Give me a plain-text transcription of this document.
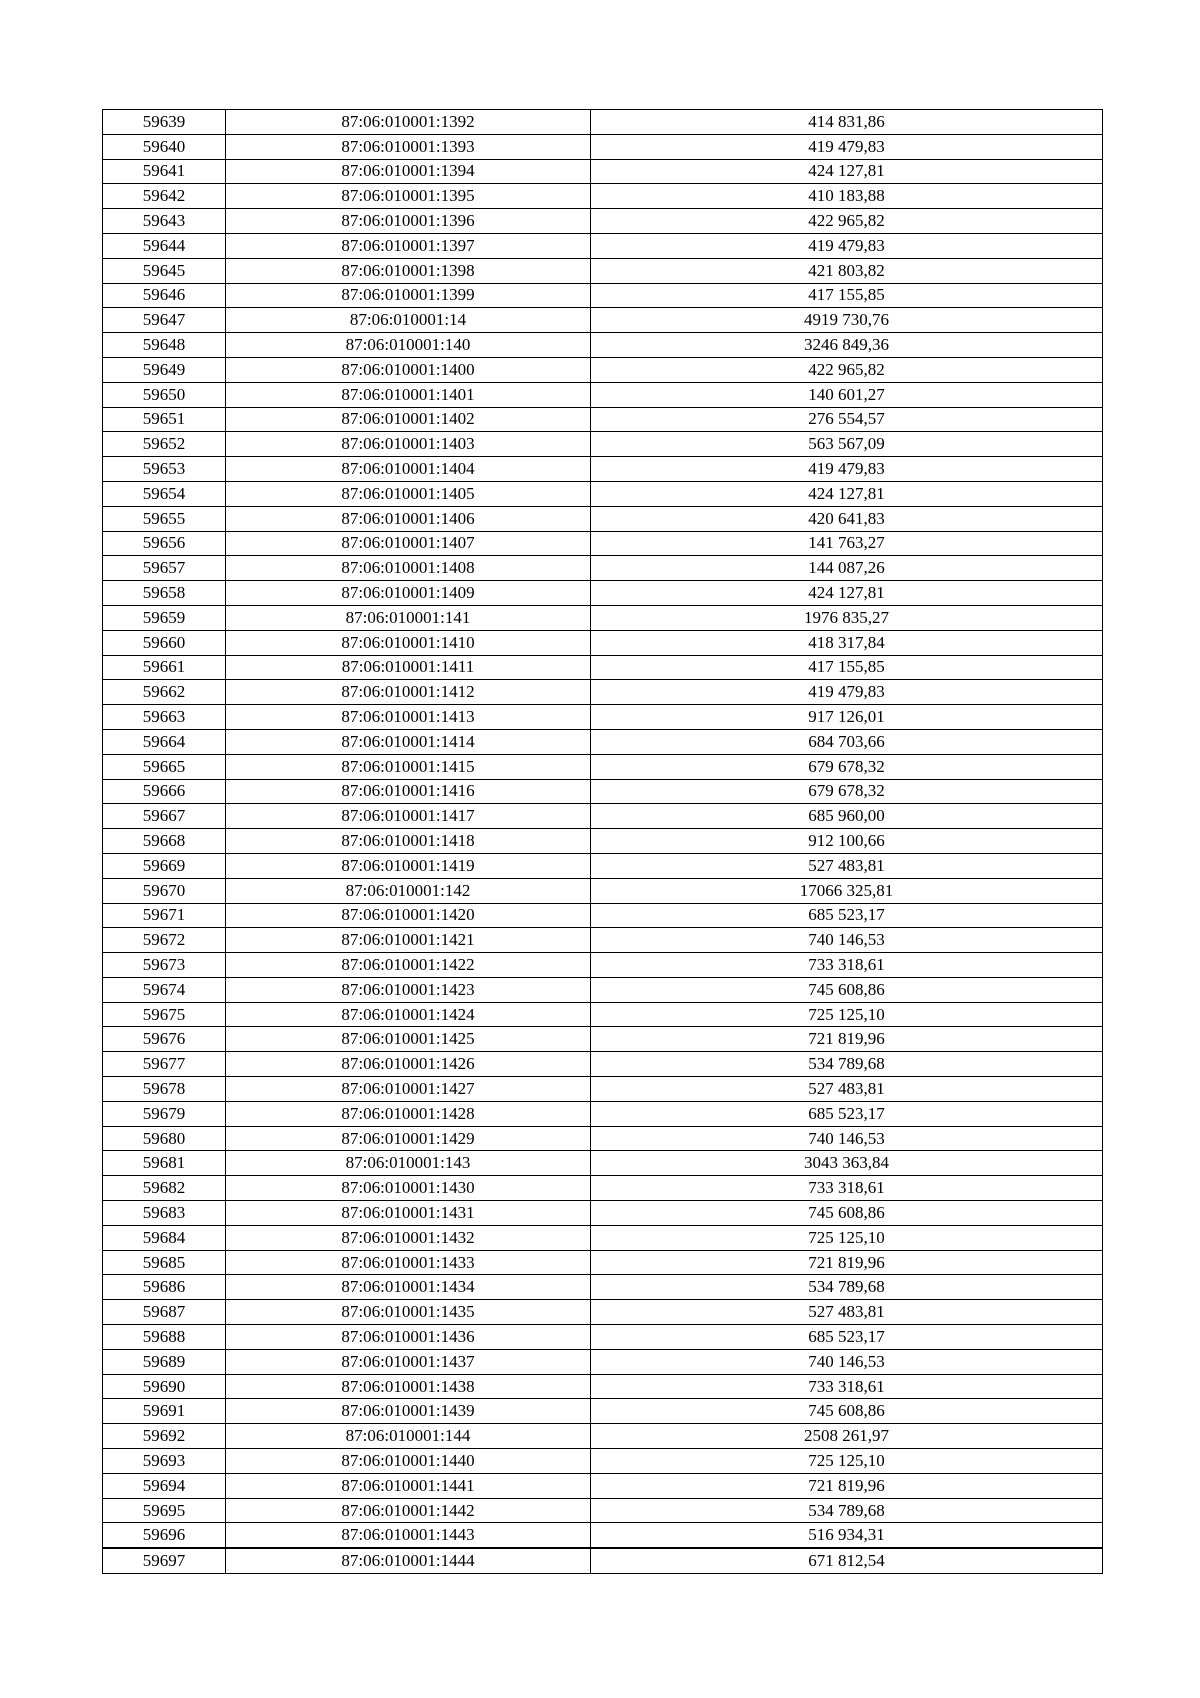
59639	87:06:010001:1392	414 831,86
59640	87:06:010001:1393	419 479,83
59641	87:06:010001:1394	424 127,81
59642	87:06:010001:1395	410 183,88
59643	87:06:010001:1396	422 965,82
59644	87:06:010001:1397	419 479,83
59645	87:06:010001:1398	421 803,82
59646	87:06:010001:1399	417 155,85
59647	87:06:010001:14	4919 730,76
59648	87:06:010001:140	3246 849,36
59649	87:06:010001:1400	422 965,82
59650	87:06:010001:1401	140 601,27
59651	87:06:010001:1402	276 554,57
59652	87:06:010001:1403	563 567,09
59653	87:06:010001:1404	419 479,83
59654	87:06:010001:1405	424 127,81
59655	87:06:010001:1406	420 641,83
59656	87:06:010001:1407	141 763,27
59657	87:06:010001:1408	144 087,26
59658	87:06:010001:1409	424 127,81
59659	87:06:010001:141	1976 835,27
59660	87:06:010001:1410	418 317,84
59661	87:06:010001:1411	417 155,85
59662	87:06:010001:1412	419 479,83
59663	87:06:010001:1413	917 126,01
59664	87:06:010001:1414	684 703,66
59665	87:06:010001:1415	679 678,32
59666	87:06:010001:1416	679 678,32
59667	87:06:010001:1417	685 960,00
59668	87:06:010001:1418	912 100,66
59669	87:06:010001:1419	527 483,81
59670	87:06:010001:142	17066 325,81
59671	87:06:010001:1420	685 523,17
59672	87:06:010001:1421	740 146,53
59673	87:06:010001:1422	733 318,61
59674	87:06:010001:1423	745 608,86
59675	87:06:010001:1424	725 125,10
59676	87:06:010001:1425	721 819,96
59677	87:06:010001:1426	534 789,68
59678	87:06:010001:1427	527 483,81
59679	87:06:010001:1428	685 523,17
59680	87:06:010001:1429	740 146,53
59681	87:06:010001:143	3043 363,84
59682	87:06:010001:1430	733 318,61
59683	87:06:010001:1431	745 608,86
59684	87:06:010001:1432	725 125,10
59685	87:06:010001:1433	721 819,96
59686	87:06:010001:1434	534 789,68
59687	87:06:010001:1435	527 483,81
59688	87:06:010001:1436	685 523,17
59689	87:06:010001:1437	740 146,53
59690	87:06:010001:1438	733 318,61
59691	87:06:010001:1439	745 608,86
59692	87:06:010001:144	2508 261,97
59693	87:06:010001:1440	725 125,10
59694	87:06:010001:1441	721 819,96
59695	87:06:010001:1442	534 789,68
59696	87:06:010001:1443	516 934,31
59697	87:06:010001:1444	671 812,54
